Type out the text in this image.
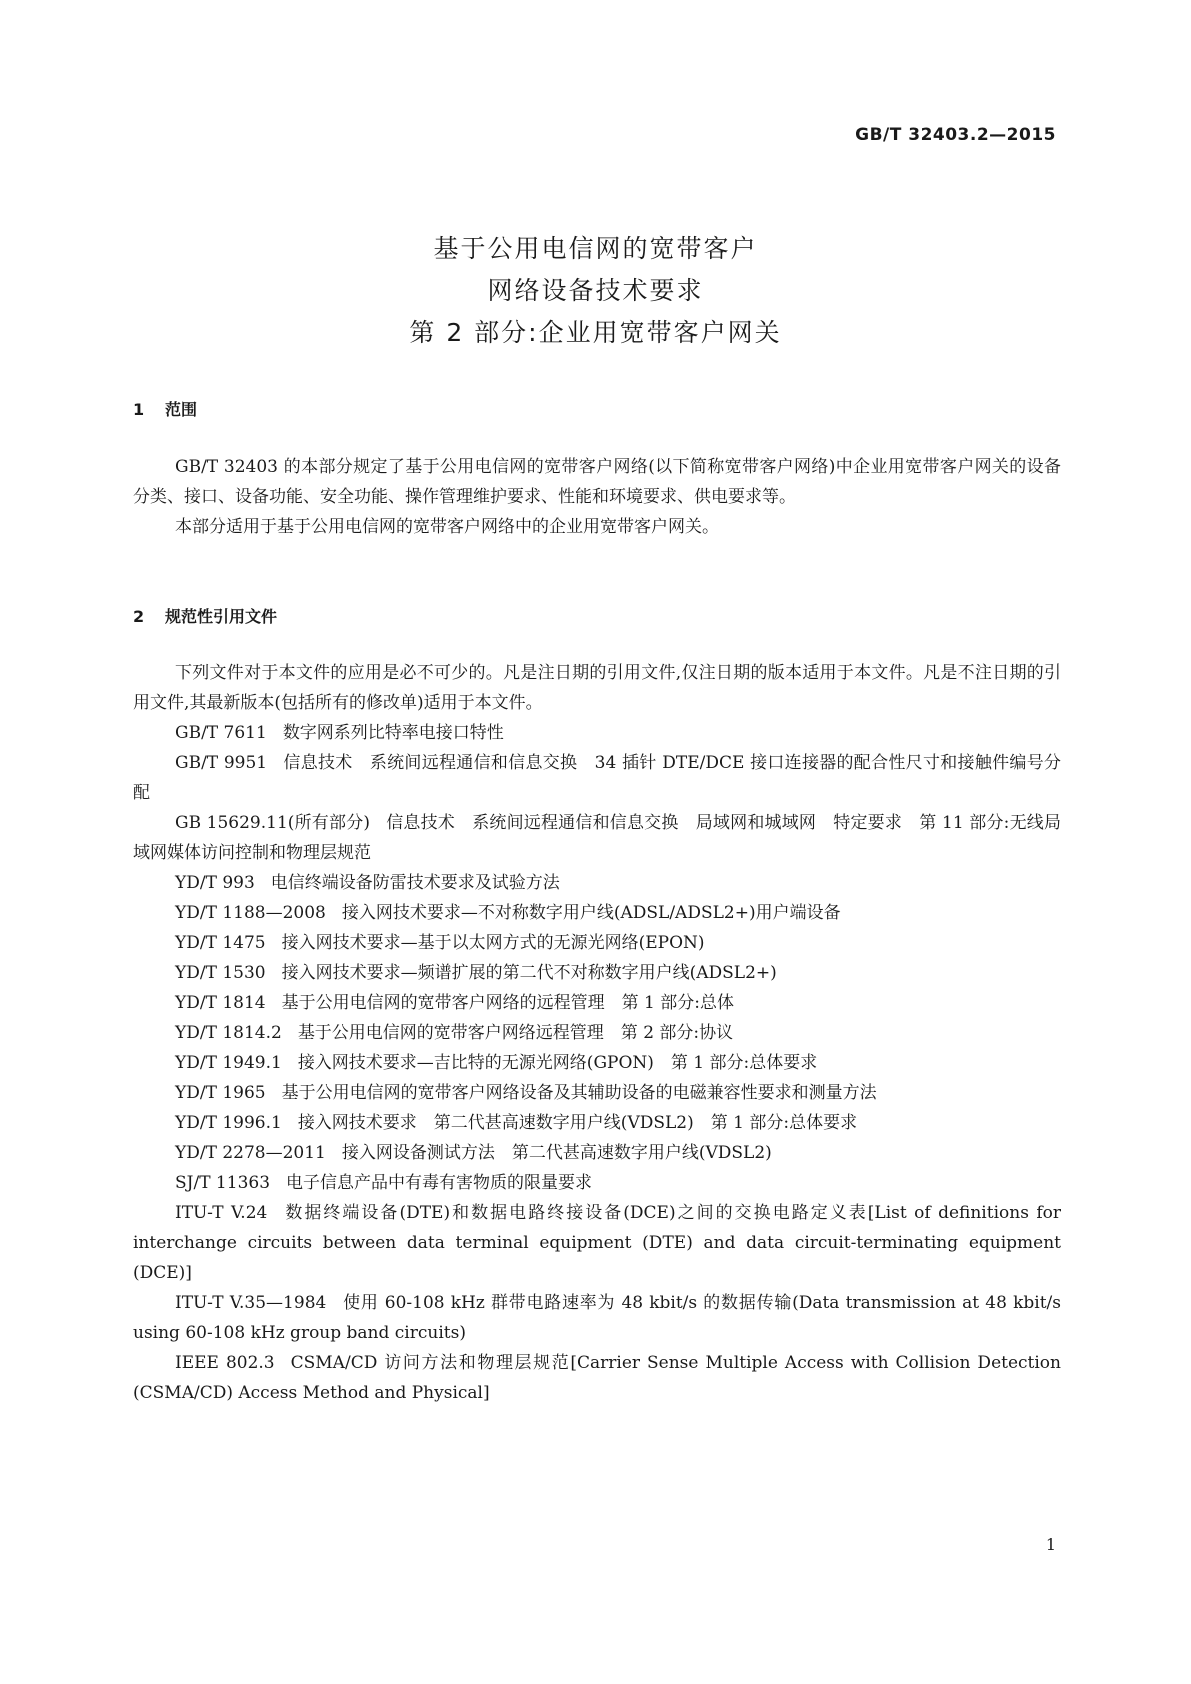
GB/T 32403.2—2015
基于公用电信网的宽带客户
网络设备技术要求
第 2 部分:企业用宽带客户网关
1 范围

GB/T 32403 的本部分规定了基于公用电信网的宽带客户网络(以下简称宽带客户网络)中企业用宽带客户网关的设备分类、接口、设备功能、安全功能、操作管理维护要求、性能和环境要求、供电要求等。

本部分适用于基于公用电信网的宽带客户网络中的企业用宽带客户网关。

2 规范性引用文件

下列文件对于本文件的应用是必不可少的。凡是注日期的引用文件,仅注日期的版本适用于本文件。凡是不注日期的引用文件,其最新版本(包括所有的修改单)适用于本文件。

GB/T 7611 数字网系列比特率电接口特性

GB/T 9951 信息技术　系统间远程通信和信息交换　34 插针 DTE/DCE 接口连接器的配合性尺寸和接触件编号分配

GB 15629.11(所有部分) 信息技术　系统间远程通信和信息交换　局域网和城域网　特定要求　第 11 部分:无线局域网媒体访问控制和物理层规范

YD/T 993 电信终端设备防雷技术要求及试验方法

YD/T 1188—2008 接入网技术要求—不对称数字用户线(ADSL/ADSL2+)用户端设备

YD/T 1475 接入网技术要求—基于以太网方式的无源光网络(EPON)

YD/T 1530 接入网技术要求—频谱扩展的第二代不对称数字用户线(ADSL2+)

YD/T 1814 基于公用电信网的宽带客户网络的远程管理　第 1 部分:总体

YD/T 1814.2 基于公用电信网的宽带客户网络远程管理　第 2 部分:协议

YD/T 1949.1 接入网技术要求—吉比特的无源光网络(GPON)　第 1 部分:总体要求

YD/T 1965 基于公用电信网的宽带客户网络设备及其辅助设备的电磁兼容性要求和测量方法

YD/T 1996.1 接入网技术要求　第二代甚高速数字用户线(VDSL2)　第 1 部分:总体要求

YD/T 2278—2011 接入网设备测试方法　第二代甚高速数字用户线(VDSL2)

SJ/T 11363 电子信息产品中有毒有害物质的限量要求

ITU-T V.24 数据终端设备(DTE)和数据电路终接设备(DCE)之间的交换电路定义表[List of definitions for interchange circuits between data terminal equipment (DTE) and data circuit-terminating equipment (DCE)]

ITU-T V.35—1984 使用 60-108 kHz 群带电路速率为 48 kbit/s 的数据传输(Data transmission at 48 kbit/s using 60-108 kHz group band circuits)

IEEE 802.3 CSMA/CD 访问方法和物理层规范[Carrier Sense Multiple Access with Collision Detection (CSMA/CD) Access Method and Physical]

1
